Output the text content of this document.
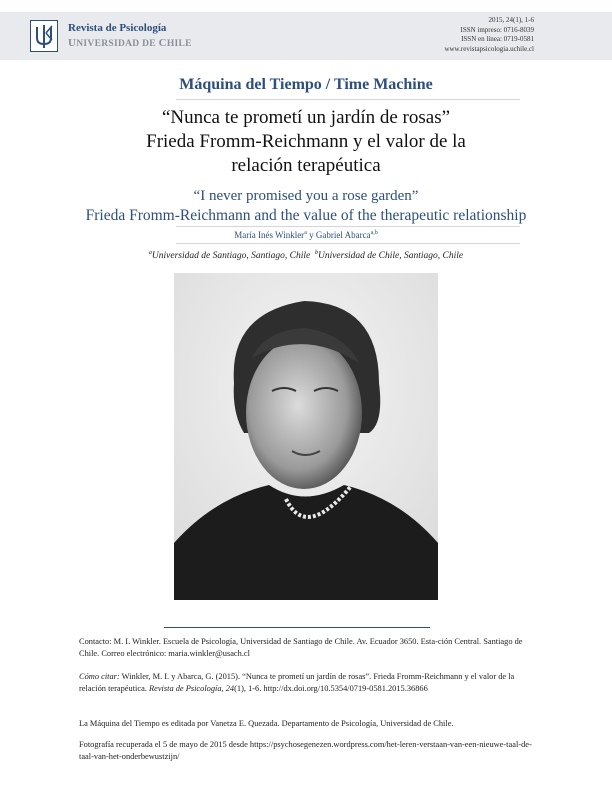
Revista de Psicología
UNIVERSIDAD DE CHILE
2015, 24(1), 1-6
ISSN impreso: 0716-8039
ISSN en línea: 0719-0581
www.revistapsicologia.uchile.cl
Máquina del Tiempo / Time Machine
“Nunca te prometí un jardín de rosas”
Frieda Fromm-Reichmann y el valor de la
relación terapéutica
“I never promised you a rose garden”
Frieda Fromm-Reichmann and the value of the therapeutic relationship
María Inés Winkler$^a$ y Gabriel Abarca$^{a,b}$
$^a$Universidad de Santiago, Santiago, Chile $^b$Universidad de Chile, Santiago, Chile
Contacto: M. I. Winkler. Escuela de Psicología, Universidad de Santiago de Chile. Av. Ecuador 3650. Esta-ción Central. Santiago de Chile. Correo electrónico: maria.winkler@usach.cl
Cómo citar: Winkler, M. I. y Abarca, G. (2015). “Nunca te prometí un jardín de rosas”. Frieda Fromm-Reichmann y el valor de la relación terapéutica. Revista de Psicología, 24(1), 1-6. http://dx.doi.org/10.5354/0719-0581.2015.36866
La Máquina del Tiempo es editada por Vanetza E. Quezada. Departamento de Psicología, Universidad de Chile.
Fotografía recuperada el 5 de mayo de 2015 desde https://psychosegenezen.wordpress.com/het-leren-verstaan-van-een-nieuwe-taal-de-taal-van-het-onderbewustzijn/
